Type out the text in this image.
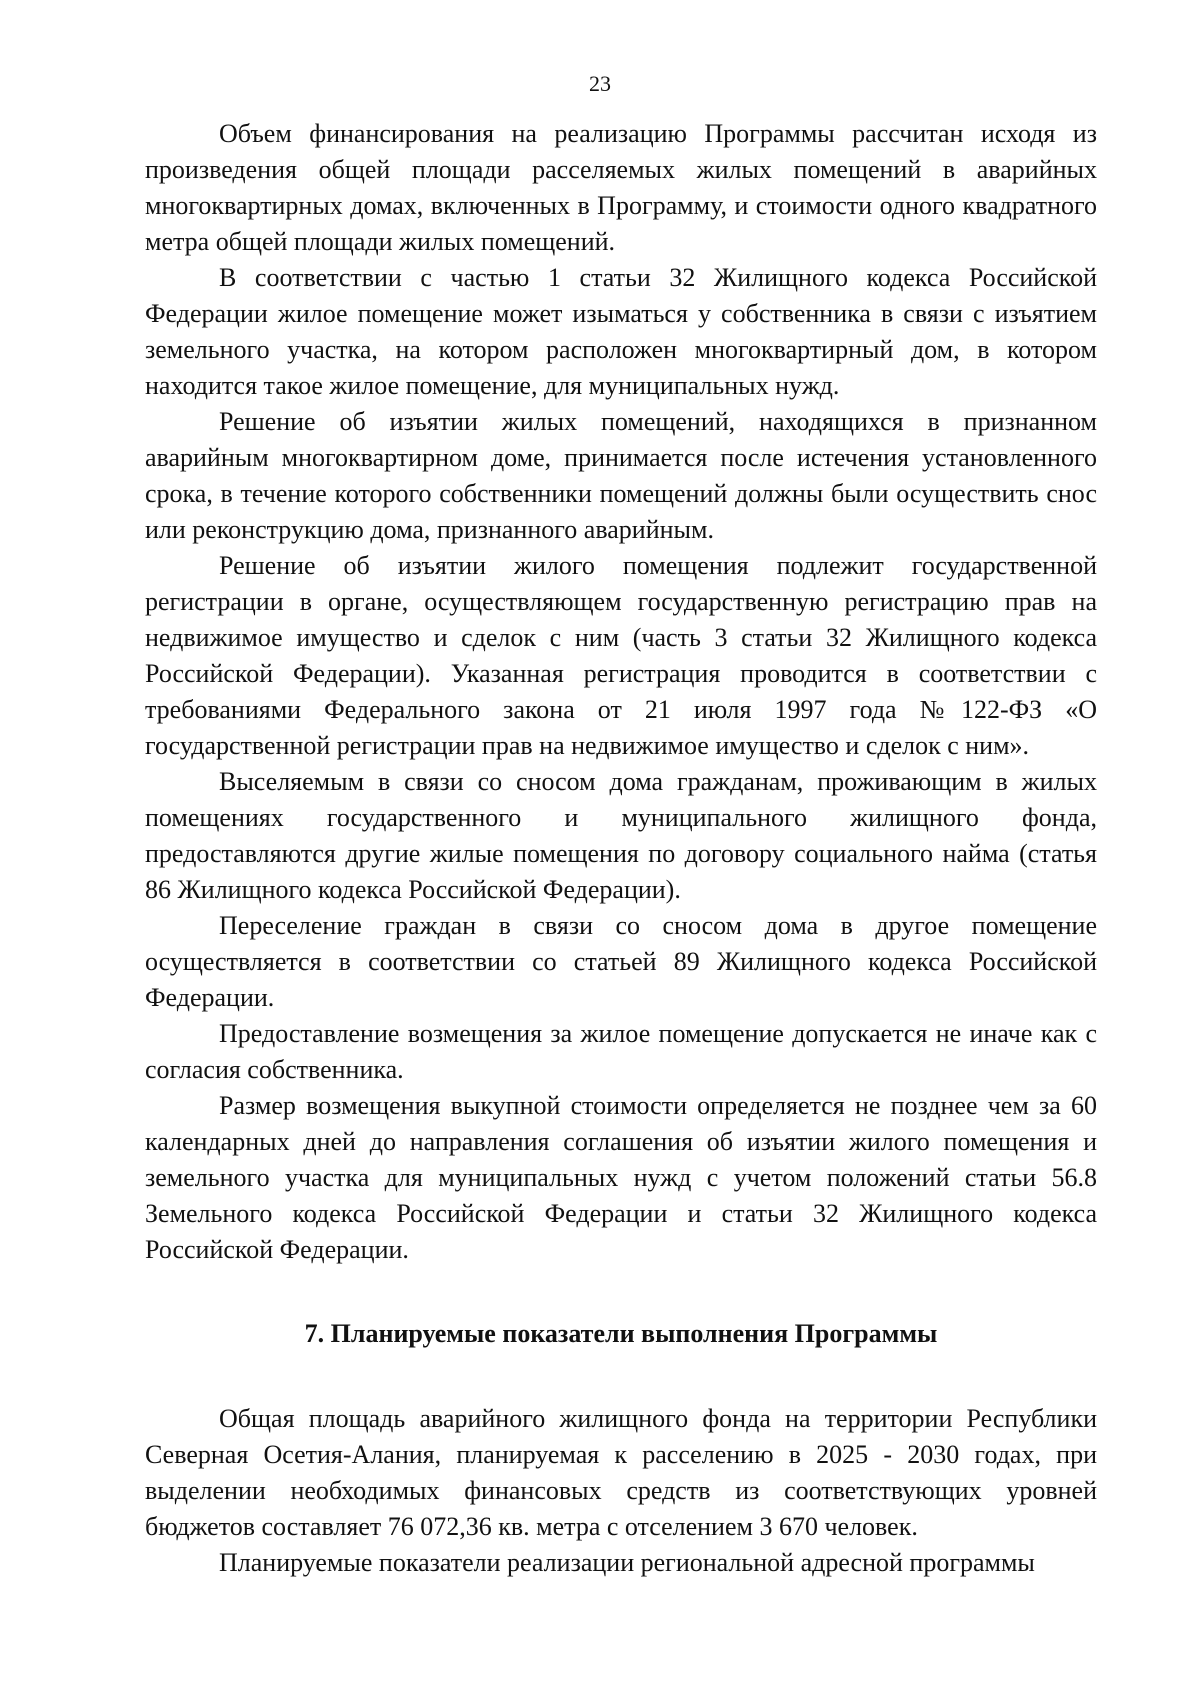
23

Объем финансирования на реализацию Программы рассчитан исходя из произведения общей площади расселяемых жилых помещений в аварийных многоквартирных домах, включенных в Программу, и стоимости одного квадратного метра общей площади жилых помещений.

В соответствии с частью 1 статьи 32 Жилищного кодекса Российской Федерации жилое помещение может изыматься у собственника в связи с изъятием земельного участка, на котором расположен многоквартирный дом, в котором находится такое жилое помещение, для муниципальных нужд.

Решение об изъятии жилых помещений, находящихся в признанном аварийным многоквартирном доме, принимается после истечения установленного срока, в течение которого собственники помещений должны были осуществить снос или реконструкцию дома, признанного аварийным.

Решение об изъятии жилого помещения подлежит государственной регистрации в органе, осуществляющем государственную регистрацию прав на недвижимое имущество и сделок с ним (часть 3 статьи 32 Жилищного кодекса Российской Федерации). Указанная регистрация проводится в соответствии с требованиями Федерального закона от 21 июля 1997 года №122-ФЗ «О государственной регистрации прав на недвижимое имущество и сделок с ним».

Выселяемым в связи со сносом дома гражданам, проживающим в жилых помещениях государственного и муниципального жилищного фонда, предоставляются другие жилые помещения по договору социального найма (статья 86 Жилищного кодекса Российской Федерации).

Переселение граждан в связи со сносом дома в другое помещение осуществляется в соответствии со статьей 89 Жилищного кодекса Российской Федерации.

Предоставление возмещения за жилое помещение допускается не иначе как с согласия собственника.

Размер возмещения выкупной стоимости определяется не позднее чем за 60 календарных дней до направления соглашения об изъятии жилого помещения и земельного участка для муниципальных нужд с учетом положений статьи 56.8 Земельного кодекса Российской Федерации и статьи 32 Жилищного кодекса Российской Федерации.

7. Планируемые показатели выполнения Программы

Общая площадь аварийного жилищного фонда на территории Республики Северная Осетия-Алания, планируемая к расселению в 2025 - 2030 годах, при выделении необходимых финансовых средств из соответствующих уровней бюджетов составляет 76 072,36 кв. метра с отселением 3 670 человек.

Планируемые показатели реализации региональной адресной программы
